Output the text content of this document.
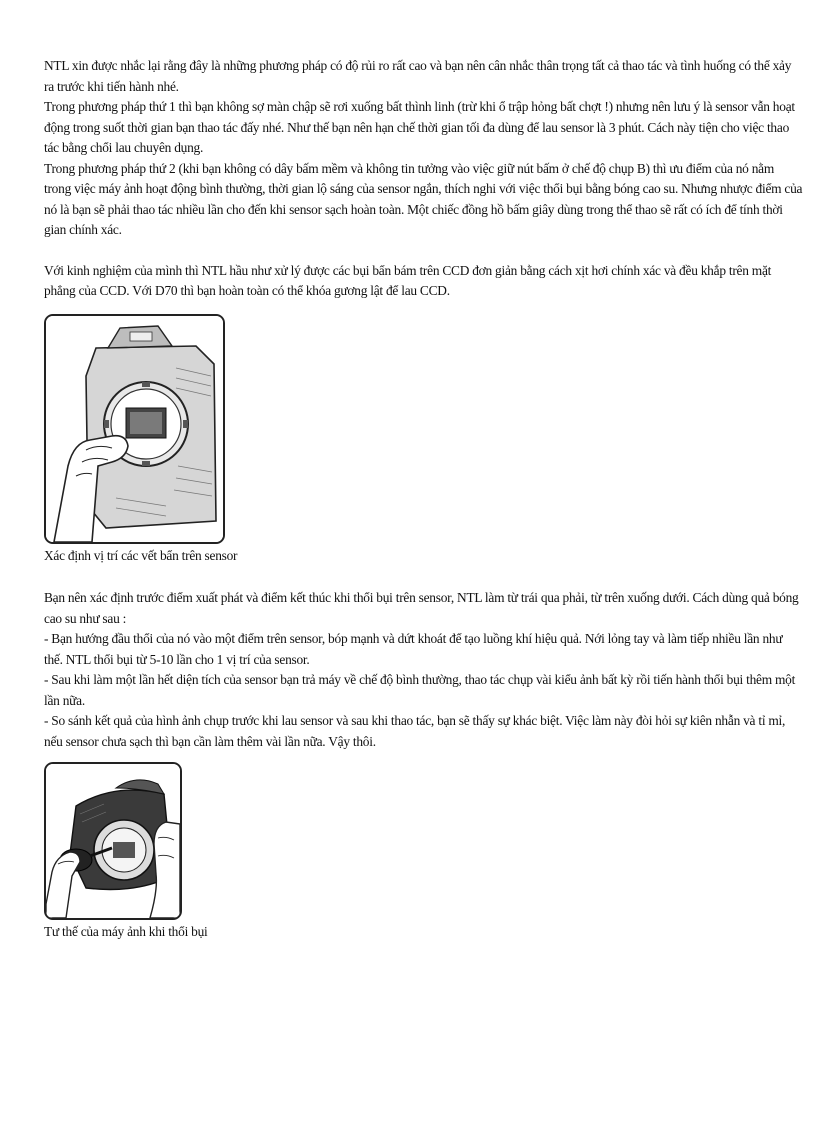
NTL xin được nhắc lại rằng đây là những phương pháp có độ rủi ro rất cao và bạn nên cân nhắc thân trọng tất cả thao tác và tình huống có thể xảy ra trước khi tiến hành nhé.

Trong phương pháp thứ 1 thì bạn không sợ màn chập sẽ rơi xuống bất thình linh (trừ khi ổ trập hỏng bất chợt !) nhưng nên lưu ý là sensor vẫn hoạt động trong suốt thời gian bạn thao tác đấy nhé. Như thế bạn nên hạn chế thời gian tối đa dùng để lau sensor là 3 phút. Cách này tiện cho việc thao tác bằng chổi lau chuyên dụng.

Trong phương pháp thứ 2 (khi bạn không có dây bấm mềm và không tin tưởng vào việc giữ nút bấm ở chế độ chụp B) thì ưu điểm của nó nằm trong việc máy ảnh hoạt động bình thường, thời gian lộ sáng của sensor ngắn, thích nghi với việc thổi bụi bằng bóng cao su. Nhưng nhược điểm của nó là bạn sẽ phải thao tác nhiều lần cho đến khi sensor sạch hoàn toàn. Một chiếc đồng hồ bấm giây dùng trong thể thao sẽ rất có ích để tính thời gian chính xác.

Với kinh nghiệm của mình thì NTL hầu như xử lý được các bụi bẩn bám trên CCD đơn giản bằng cách xịt hơi chính xác và đều khắp trên mặt phẳng của CCD. Với D70 thì bạn hoàn toàn có thể khóa gương lật để lau CCD.

Xác định vị trí các vết bẩn trên sensor

Bạn nên xác định trước điểm xuất phát và điểm kết thúc khi thổi bụi trên sensor, NTL làm từ trái qua phải, từ trên xuống dưới. Cách dùng quả bóng cao su như sau :

- Bạn hướng đầu thổi của nó vào một điểm trên sensor, bóp mạnh và dứt khoát để tạo luồng khí hiệu quả. Nới lỏng tay và làm tiếp nhiều lần như thế. NTL thổi bụi từ 5-10 lần cho 1 vị trí của sensor.

- Sau khi làm một lần hết diện tích của sensor bạn trả máy về chế độ bình thường, thao tác chụp vài kiểu ảnh bất kỳ rồi tiến hành thổi bụi thêm một lần nữa.

- So sánh kết quả của hình ảnh chụp trước khi lau sensor và sau khi thao tác, bạn sẽ thấy sự khác biệt. Việc làm này đòi hỏi sự kiên nhẫn và tỉ mỉ, nếu sensor chưa sạch thì bạn cần làm thêm vài lần nữa. Vậy thôi.

Tư thế của máy ảnh khi thổi bụi
